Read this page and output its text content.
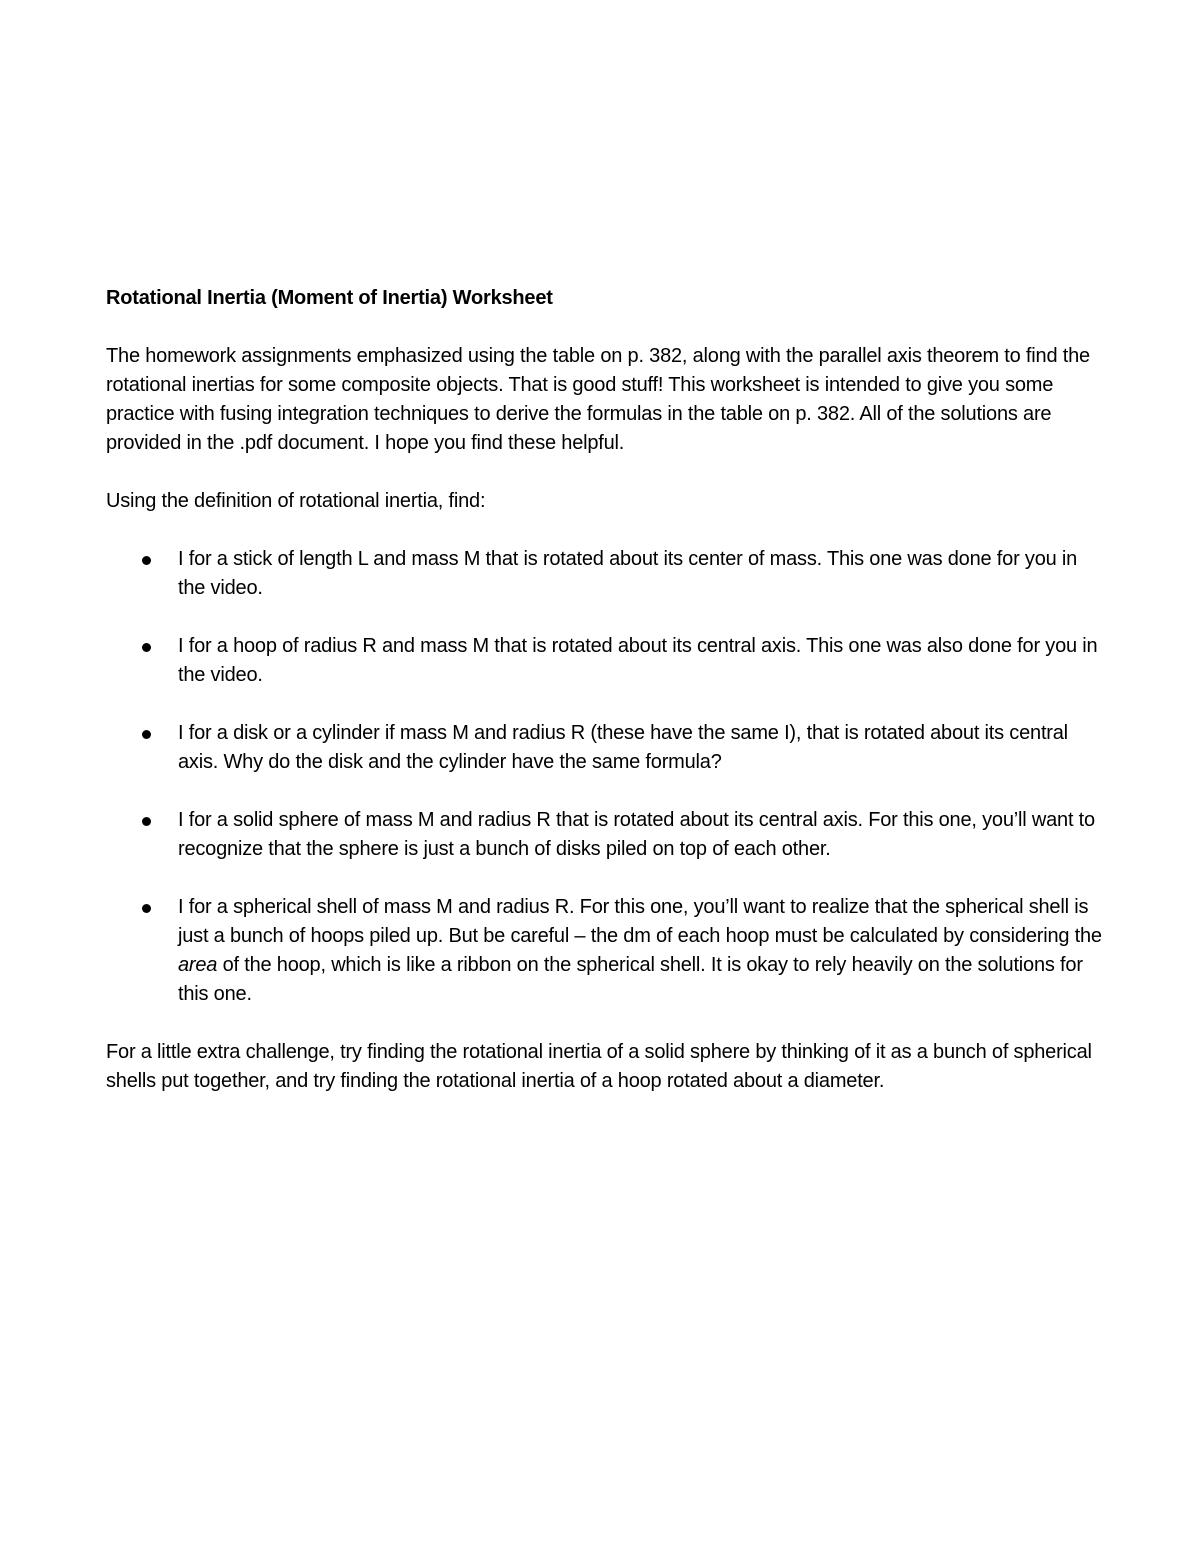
Rotational Inertia (Moment of Inertia) Worksheet
The homework assignments emphasized using the table on p. 382, along with the parallel axis theorem to find the rotational inertias for some composite objects. That is good stuff! This worksheet is intended to give you some practice with fusing integration techniques to derive the formulas in the table on p. 382. All of the solutions are provided in the .pdf document. I hope you find these helpful.
Using the definition of rotational inertia, find:
I for a stick of length L and mass M that is rotated about its center of mass. This one was done for you in the video.
I for a hoop of radius R and mass M that is rotated about its central axis. This one was also done for you in the video.
I for a disk or a cylinder if mass M and radius R (these have the same I), that is rotated about its central axis. Why do the disk and the cylinder have the same formula?
I for a solid sphere of mass M and radius R that is rotated about its central axis. For this one, you’ll want to recognize that the sphere is just a bunch of disks piled on top of each other.
I for a spherical shell of mass M and radius R. For this one, you’ll want to realize that the spherical shell is just a bunch of hoops piled up. But be careful – the dm of each hoop must be calculated by considering the area of the hoop, which is like a ribbon on the spherical shell. It is okay to rely heavily on the solutions for this one.
For a little extra challenge, try finding the rotational inertia of a solid sphere by thinking of it as a bunch of spherical shells put together, and try finding the rotational inertia of a hoop rotated about a diameter.
